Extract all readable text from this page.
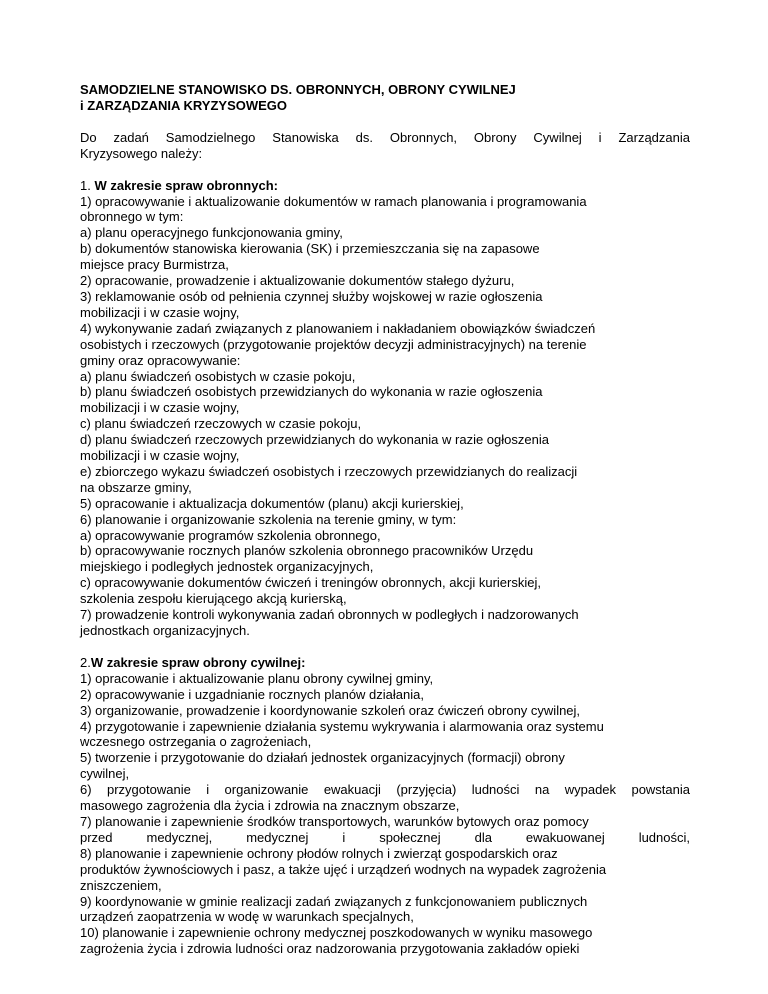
SAMODZIELNE STANOWISKO DS. OBRONNYCH, OBRONY CYWILNEJ
i ZARZĄDZANIA KRYZYSOWEGO

Do zadań Samodzielnego Stanowiska ds. Obronnych, Obrony Cywilnej i Zarządzania
Kryzysowego należy:

1. W zakresie spraw obronnych:
1) opracowywanie i aktualizowanie dokumentów w ramach planowania i programowania
obronnego w tym:
a) planu operacyjnego funkcjonowania gminy,
b) dokumentów stanowiska kierowania (SK) i przemieszczania się na zapasowe
miejsce pracy Burmistrza,
2) opracowanie, prowadzenie i aktualizowanie dokumentów stałego dyżuru,
3) reklamowanie osób od pełnienia czynnej służby wojskowej w razie ogłoszenia
mobilizacji i w czasie wojny,
4) wykonywanie zadań związanych z planowaniem i nakładaniem obowiązków świadczeń
osobistych i rzeczowych (przygotowanie projektów decyzji administracyjnych) na terenie
gminy oraz opracowywanie:
a) planu świadczeń osobistych w czasie pokoju,
b) planu świadczeń osobistych przewidzianych do wykonania w razie ogłoszenia
mobilizacji i w czasie wojny,
c) planu świadczeń rzeczowych w czasie pokoju,
d) planu świadczeń rzeczowych przewidzianych do wykonania w razie ogłoszenia
mobilizacji i w czasie wojny,
e) zbiorczego wykazu świadczeń osobistych i rzeczowych przewidzianych do realizacji
na obszarze gminy,
5) opracowanie i aktualizacja dokumentów (planu) akcji kurierskiej,
6) planowanie i organizowanie szkolenia na terenie gminy, w tym:
a) opracowywanie programów szkolenia obronnego,
b) opracowywanie rocznych planów szkolenia obronnego pracowników Urzędu
miejskiego i podległych jednostek organizacyjnych,
c) opracowywanie dokumentów ćwiczeń i treningów obronnych, akcji kurierskiej,
szkolenia zespołu kierującego akcją kurierską,
7) prowadzenie kontroli wykonywania zadań obronnych w podległych i nadzorowanych
jednostkach organizacyjnych.
2.W zakresie spraw obrony cywilnej:
1) opracowanie i aktualizowanie planu obrony cywilnej gminy,
2) opracowywanie i uzgadnianie rocznych planów działania,
3) organizowanie, prowadzenie i koordynowanie szkoleń oraz ćwiczeń obrony cywilnej,
4) przygotowanie i zapewnienie działania systemu wykrywania i alarmowania oraz systemu
wczesnego ostrzegania o zagrożeniach,
5) tworzenie i przygotowanie do działań jednostek organizacyjnych (formacji) obrony
cywilnej,
6) przygotowanie i organizowanie ewakuacji (przyjęcia) ludności na wypadek powstania
masowego zagrożenia dla życia i zdrowia na znacznym obszarze,
7) planowanie i zapewnienie środków transportowych, warunków bytowych oraz pomocy
przed medycznej, medycznej i społecznej dla ewakuowanej ludności,
8) planowanie i zapewnienie ochrony płodów rolnych i zwierząt gospodarskich oraz
produktów żywnościowych i pasz, a także ujęć i urządzeń wodnych na wypadek zagrożenia
zniszczeniem,
9) koordynowanie w gminie realizacji zadań związanych z funkcjonowaniem publicznych
urządzeń zaopatrzenia w wodę w warunkach specjalnych,
10) planowanie i zapewnienie ochrony medycznej poszkodowanych w wyniku masowego
zagrożenia życia i zdrowia ludności oraz nadzorowania przygotowania zakładów opieki
